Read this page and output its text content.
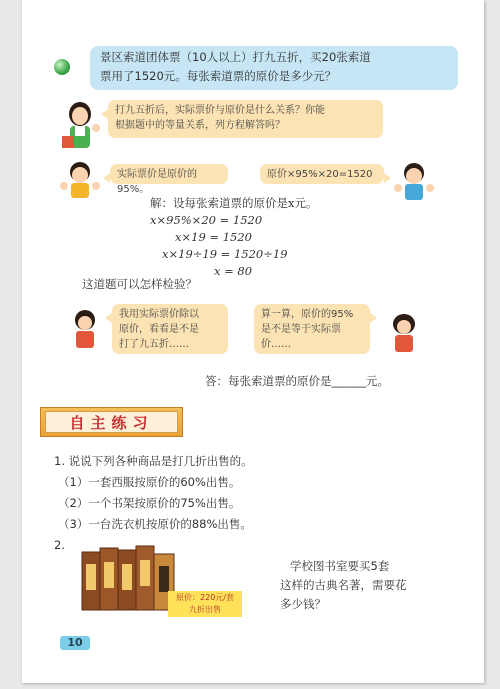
景区索道团体票（10人以上）打九五折，买20张索道
票用了1520元。每张索道票的原价是多少元？
打九五折后，实际票价与原价是什么关系？你能
根据题中的等量关系，列方程解答吗？
实际票价是原价的95%。
原价×95%×20=1520
解：设每张索道票的原价是x元。
x×95%×20 = 1520
x×19 = 1520
x×19÷19 = 1520÷19
x = 80
这道题可以怎样检验？
我用实际票价除以
原价，看看是不是
打了九五折……
算一算，原价的95%
是不是等于实际票
价……
答：每张索道票的原价是______元。
自主练习
1. 说说下列各种商品是打几折出售的。
（1）一套西服按原价的60%出售。
（2）一个书架按原价的75%出售。
（3）一台洗衣机按原价的88%出售。
2.
原价：220元/套
九折出售
学校图书室要买5套
这样的古典名著，需要花
多少钱？
10
